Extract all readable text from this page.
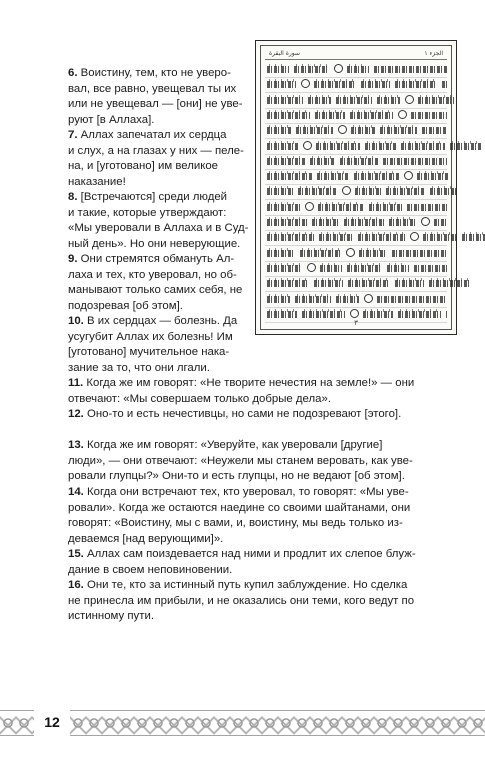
سورة البقرة	الجزء ١
٣

6. Воистину, тем, кто не уверо-
вал, все равно, увещевал ты их
или не увещевал — [они] не уве-
руют [в Аллаха].

7. Аллах запечатал их сердца
и слух, а на глазах у них — пеле-
на, и [уготовано] им великое
наказание!

8. [Встречаются] среди людей
и такие, которые утверждают:
«Мы уверовали в Аллаха и в Суд-
ный день». Но они неверующие.

9. Они стремятся обмануть Ал-
лаха и тех, кто уверовал, но об-
манывают только самих себя, не
подозревая [об этом].

10. В их сердцах — болезнь. Да
усугубит Аллах их болезнь! Им
[уготовано] мучительное нака-
зание за то, что они лгали.

11. Когда же им говорят: «Не творите нечестия на земле!» — они
отвечают: «Мы совершаем только добрые дела».

12. Оно-то и есть нечестивцы, но сами не подозревают [этого].

13. Когда же им говорят: «Уверуйте, как уверовали [другие]
люди», — они отвечают: «Неужели мы станем веровать, как уве-
ровали глупцы?» Они-то и есть глупцы, но не ведают [об этом].

14. Когда они встречают тех, кто уверовал, то говорят: «Мы уве-
ровали». Когда же остаются наедине со своими шайтанами, они
говорят: «Воистину, мы с вами, и, воистину, мы ведь только из-
деваемся [над верующими]».

15. Аллах сам поиздевается над ними и продлит их слепое блуж-
дание в своем неповиновении.

16. Они те, кто за истинный путь купил заблуждение. Но сделка
не принесла им прибыли, и не оказались они теми, кого ведут по
истинному пути.

12
